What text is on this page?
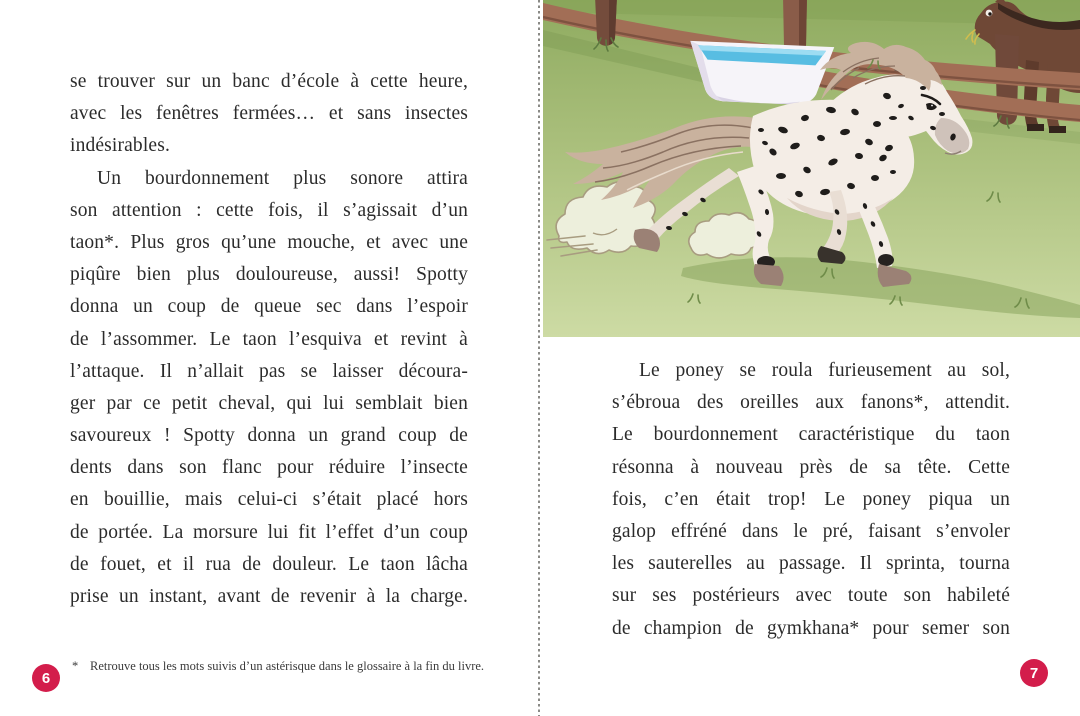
se trouver sur un banc d’école à cette heure,
avec les fenêtres fermées… et sans insectes
indésirables.
Un bourdonnement plus sonore attira
son attention : cette fois, il s’agissait d’un
taon*. Plus gros qu’une mouche, et avec une
piqûre bien plus douloureuse, aussi! Spotty
donna un coup de queue sec dans l’espoir
de l’assommer. Le taon l’esquiva et revint à
l’attaque. Il n’allait pas se laisser découra-
ger par ce petit cheval, qui lui semblait bien
savoureux ! Spotty donna un grand coup de
dents dans son flanc pour réduire l’insecte
en bouillie, mais celui-ci s’était placé hors
de portée. La morsure lui fit l’effet d’un coup
de fouet, et il rua de douleur. Le taon lâcha
prise un instant, avant de revenir à la charge.
Le poney se roula furieusement au sol,
s’ébroua des oreilles aux fanons*, attendit.
Le bourdonnement caractéristique du taon
résonna à nouveau près de sa tête. Cette
fois, c’en était trop! Le poney piqua un
galop effréné dans le pré, faisant s’envoler
les sauterelles au passage. Il sprinta, tourna
sur ses postérieurs avec toute son habileté
de champion de gymkhana* pour semer son
* Retrouve tous les mots suivis d’un astérisque dans le glossaire à la fin du livre.
6	7
